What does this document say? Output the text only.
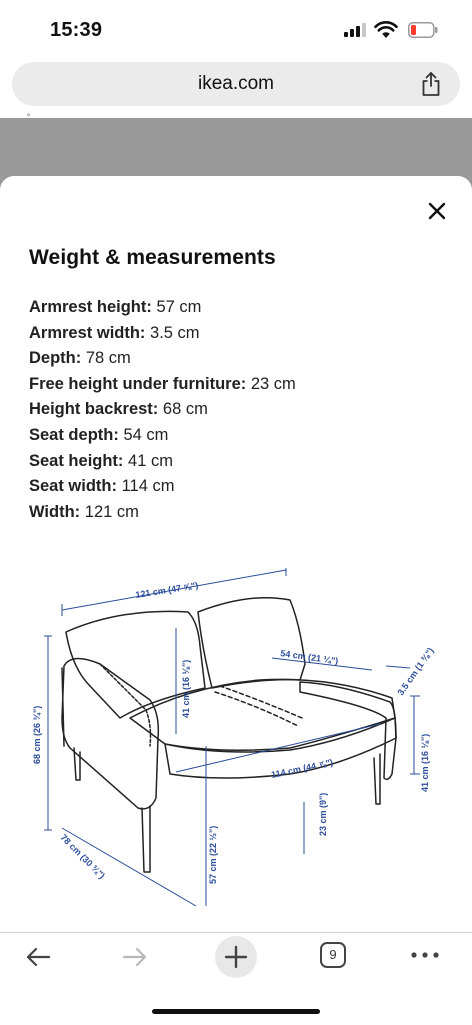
15:39
ikea.com
˚
Weight & measurements
Armrest height: 57 cm
Armrest width: 3.5 cm
Depth: 78 cm
Free height under furniture: 23 cm
Height backrest: 68 cm
Seat depth: 54 cm
Seat height: 41 cm
Seat width: 114 cm
Width: 121 cm
121 cm (47 ⅝")
41 cm (16 ⅛")
54 cm (21 ¼")	3.5 cm (1 ⅜")
41 cm (16 ⅛")
68 cm (26 ¾")
114 cm (44 ⅞")
23 cm (9")
57 cm (22 ½")
78 cm (30 ¾")
9
